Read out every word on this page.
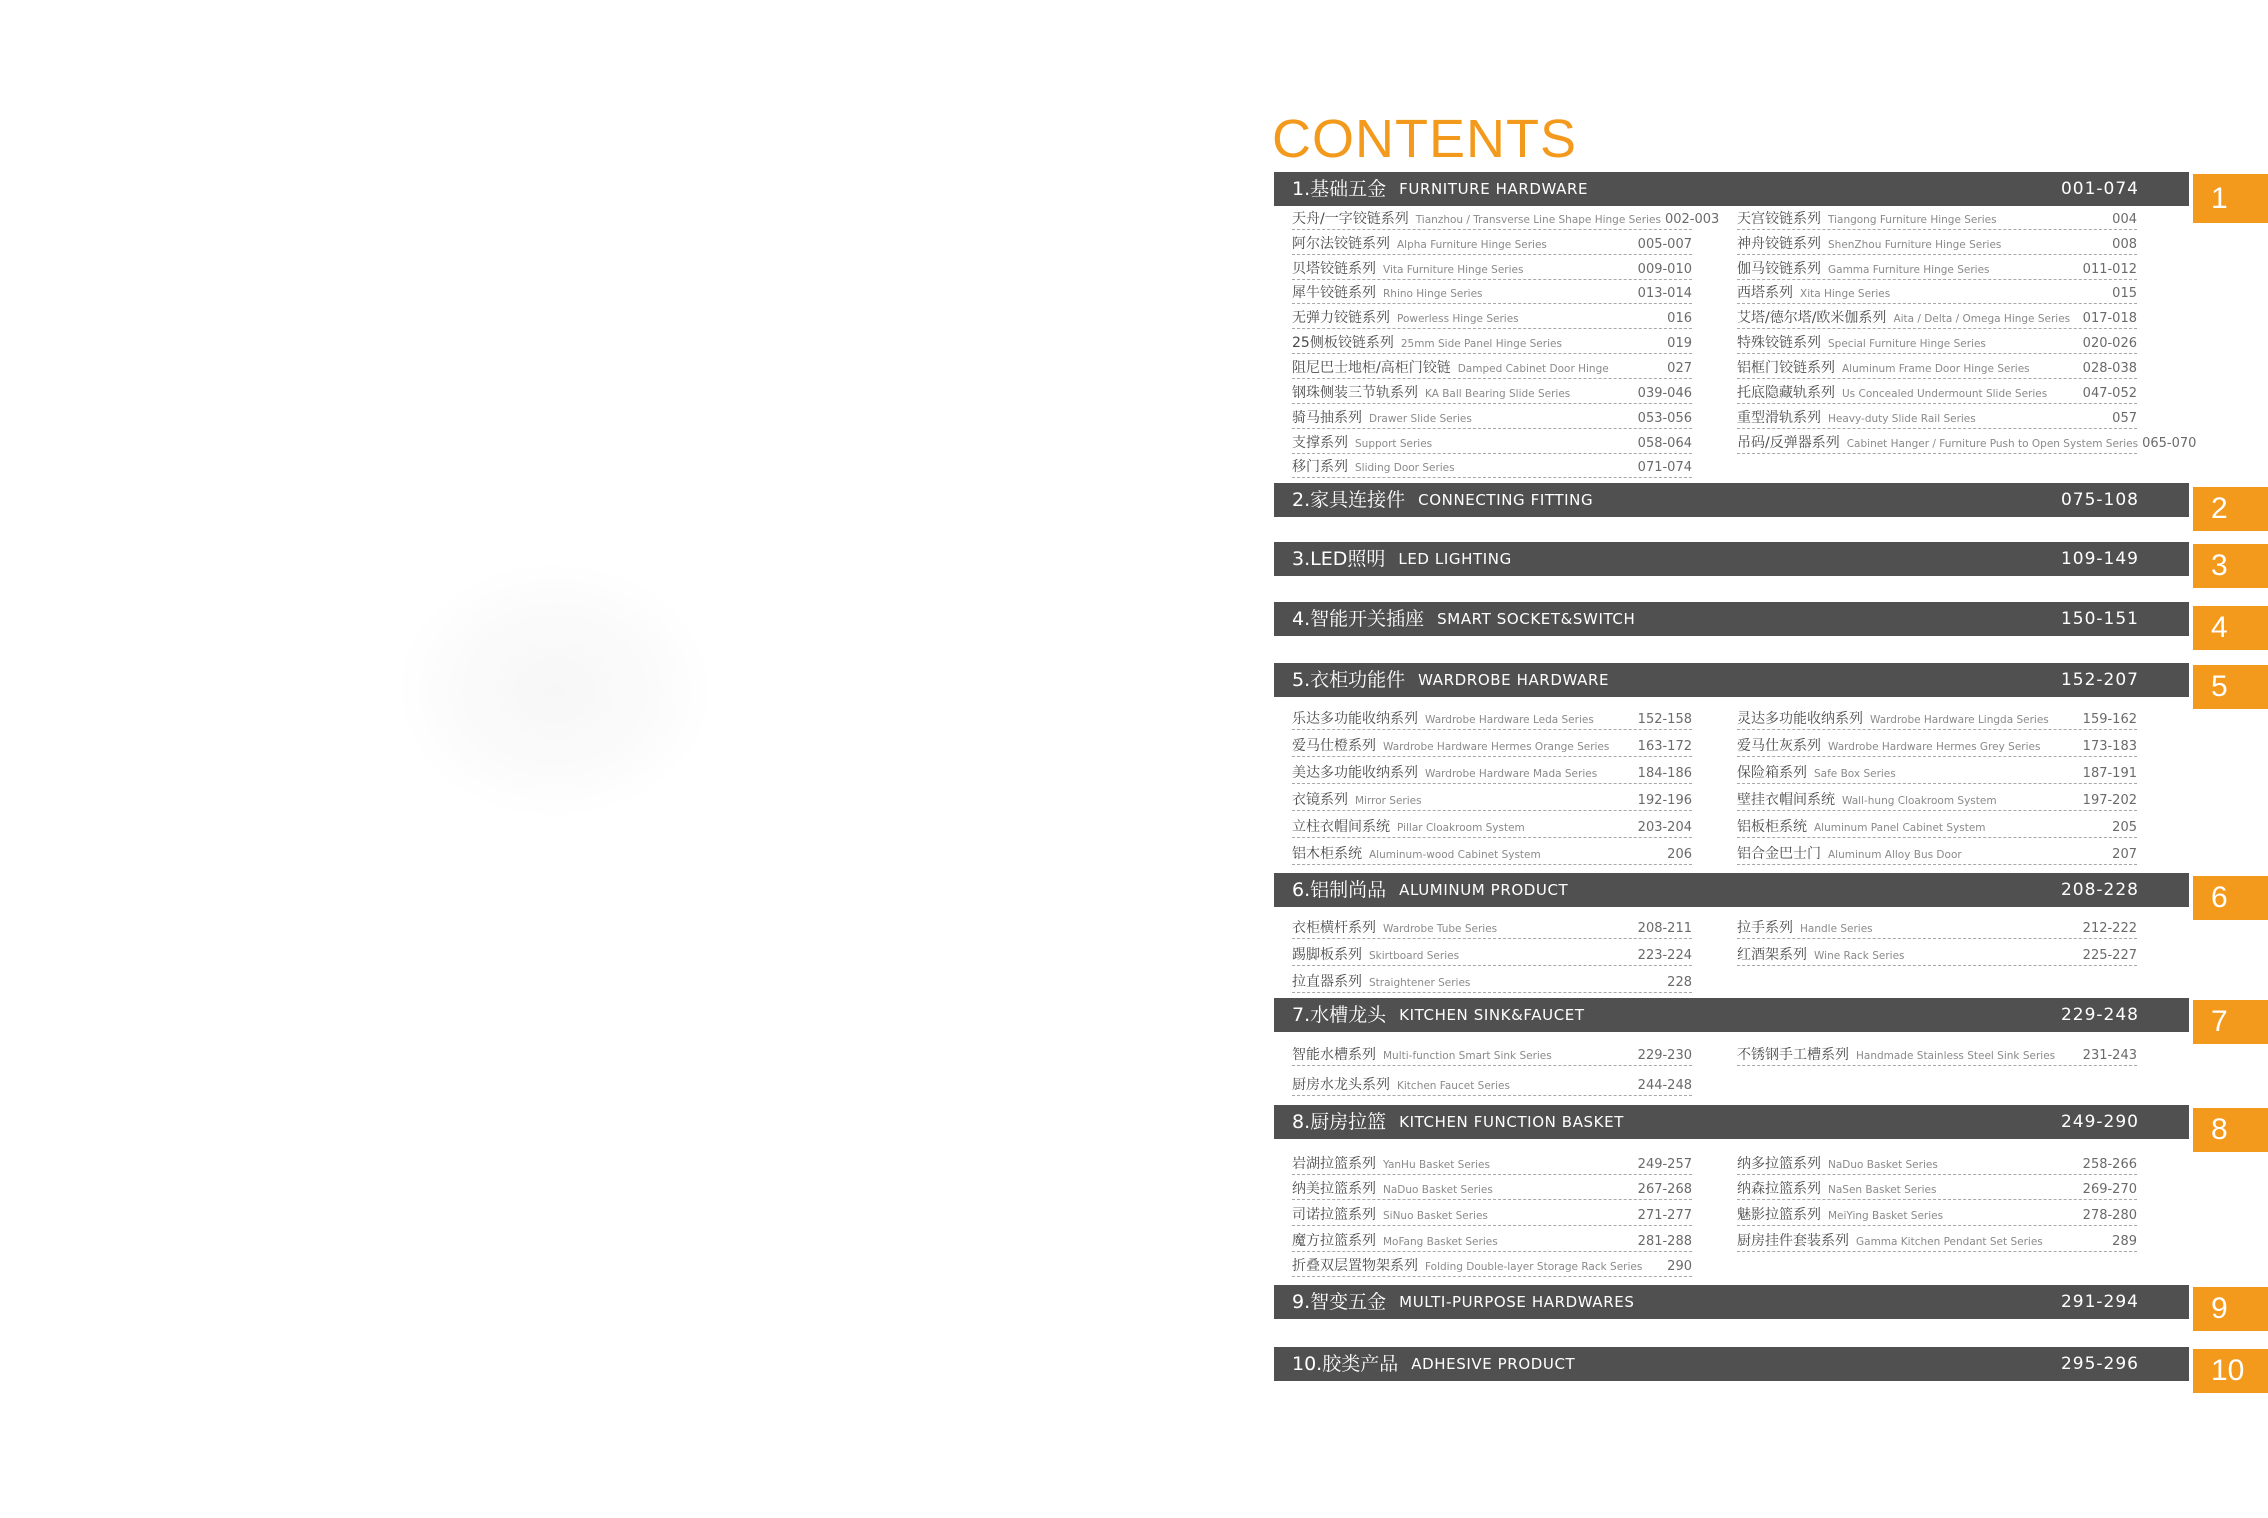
CONTENTS
1. 基础五金 FURNITURE HARDWARE	001-074	1
天舟/一字铰链系列 Tianzhou / Transverse Line Shape Hinge Series 002-003 天宫铰链系列 Tiangong Furniture Hinge Series	004
阿尔法铰链系列 Alpha Furniture Hinge Series	005-007	神舟铰链系列 ShenZhou Furniture Hinge Series	008
贝塔铰链系列 Vita Furniture Hinge Series	009-010	伽马铰链系列 Gamma Furniture Hinge Series	011-012
犀牛铰链系列 Rhino Hinge Series	013-014	西塔系列 Xita Hinge Series	015
无弹力铰链系列 Powerless Hinge Series	016	艾塔/德尔塔/欧米伽系列 Aita / Delta / Omega Hinge Series 017-018
25侧板铰链系列 25mm Side Panel Hinge Series	019	特殊铰链系列 Special Furniture Hinge Series	020-026
阻尼巴士地柜/高柜门铰链 Damped Cabinet Door Hinge	027	铝框门铰链系列 Aluminum Frame Door Hinge Series	028-038
钢珠侧装三节轨系列 KA Ball Bearing Slide Series	039-046	托底隐藏轨系列 Us Concealed Undermount Slide Series	047-052
骑马抽系列 Drawer Slide Series	053-056	重型滑轨系列 Heavy-duty Slide Rail Series	057
支撑系列 Support Series	058-064	吊码/反弹器系列 Cabinet Hanger / Furniture Push to Open System Series 065-070
移门系列 Sliding Door Series	071-074
2. 家具连接件 CONNECTING FITTING	075-108	2
3. LED照明 LED LIGHTING	109-149	3
4. 智能开关插座 SMART SOCKET&SWITCH	150-151	4
5. 衣柜功能件 WARDROBE HARDWARE	152-207	5
乐达多功能收纳系列 Wardrobe Hardware Leda Series	152-158	灵达多功能收纳系列 Wardrobe Hardware Lingda Series	159-162
爱马仕橙系列 Wardrobe Hardware Hermes Orange Series	163-172	爱马仕灰系列 Wardrobe Hardware Hermes Grey Series	173-183
美达多功能收纳系列 Wardrobe Hardware Mada Series	184-186	保险箱系列 Safe Box Series	187-191
衣镜系列 Mirror Series	192-196	壁挂衣帽间系统 Wall-hung Cloakroom System	197-202
立柱衣帽间系统 Pillar Cloakroom System	203-204	铝板柜系统 Aluminum Panel Cabinet System	205
铝木柜系统 Aluminum-wood Cabinet System	206	铝合金巴士门 Aluminum Alloy Bus Door	207
6. 铝制尚品 ALUMINUM PRODUCT	208-228	6
衣柜横杆系列 Wardrobe Tube Series	208-211	拉手系列 Handle Series	212-222
踢脚板系列 Skirtboard Series	223-224	红酒架系列 Wine Rack Series	225-227
拉直器系列 Straightener Series	228
7. 水槽龙头 KITCHEN SINK&FAUCET	229-248	7
智能水槽系列 Multi-function Smart Sink Series	229-230	不锈钢手工槽系列 Handmade Stainless Steel Sink Series	231-243
厨房水龙头系列 Kitchen Faucet Series	244-248
8. 厨房拉篮 KITCHEN FUNCTION BASKET	249-290	8
岩湖拉篮系列 YanHu Basket Series	249-257	纳多拉篮系列 NaDuo Basket Series	258-266
纳美拉篮系列 NaDuo Basket Series	267-268	纳森拉篮系列 NaSen Basket Series	269-270
司诺拉篮系列 SiNuo Basket Series	271-277	魅影拉篮系列 MeiYing Basket Series	278-280
魔方拉篮系列 MoFang Basket Series	281-288	厨房挂件套装系列 Gamma Kitchen Pendant Set Series	289
折叠双层置物架系列 Folding Double-layer Storage Rack Series	290
9. 智变五金 MULTI-PURPOSE HARDWARES	291-294	9
10. 胶类产品 ADHESIVE PRODUCT	295-296	10
